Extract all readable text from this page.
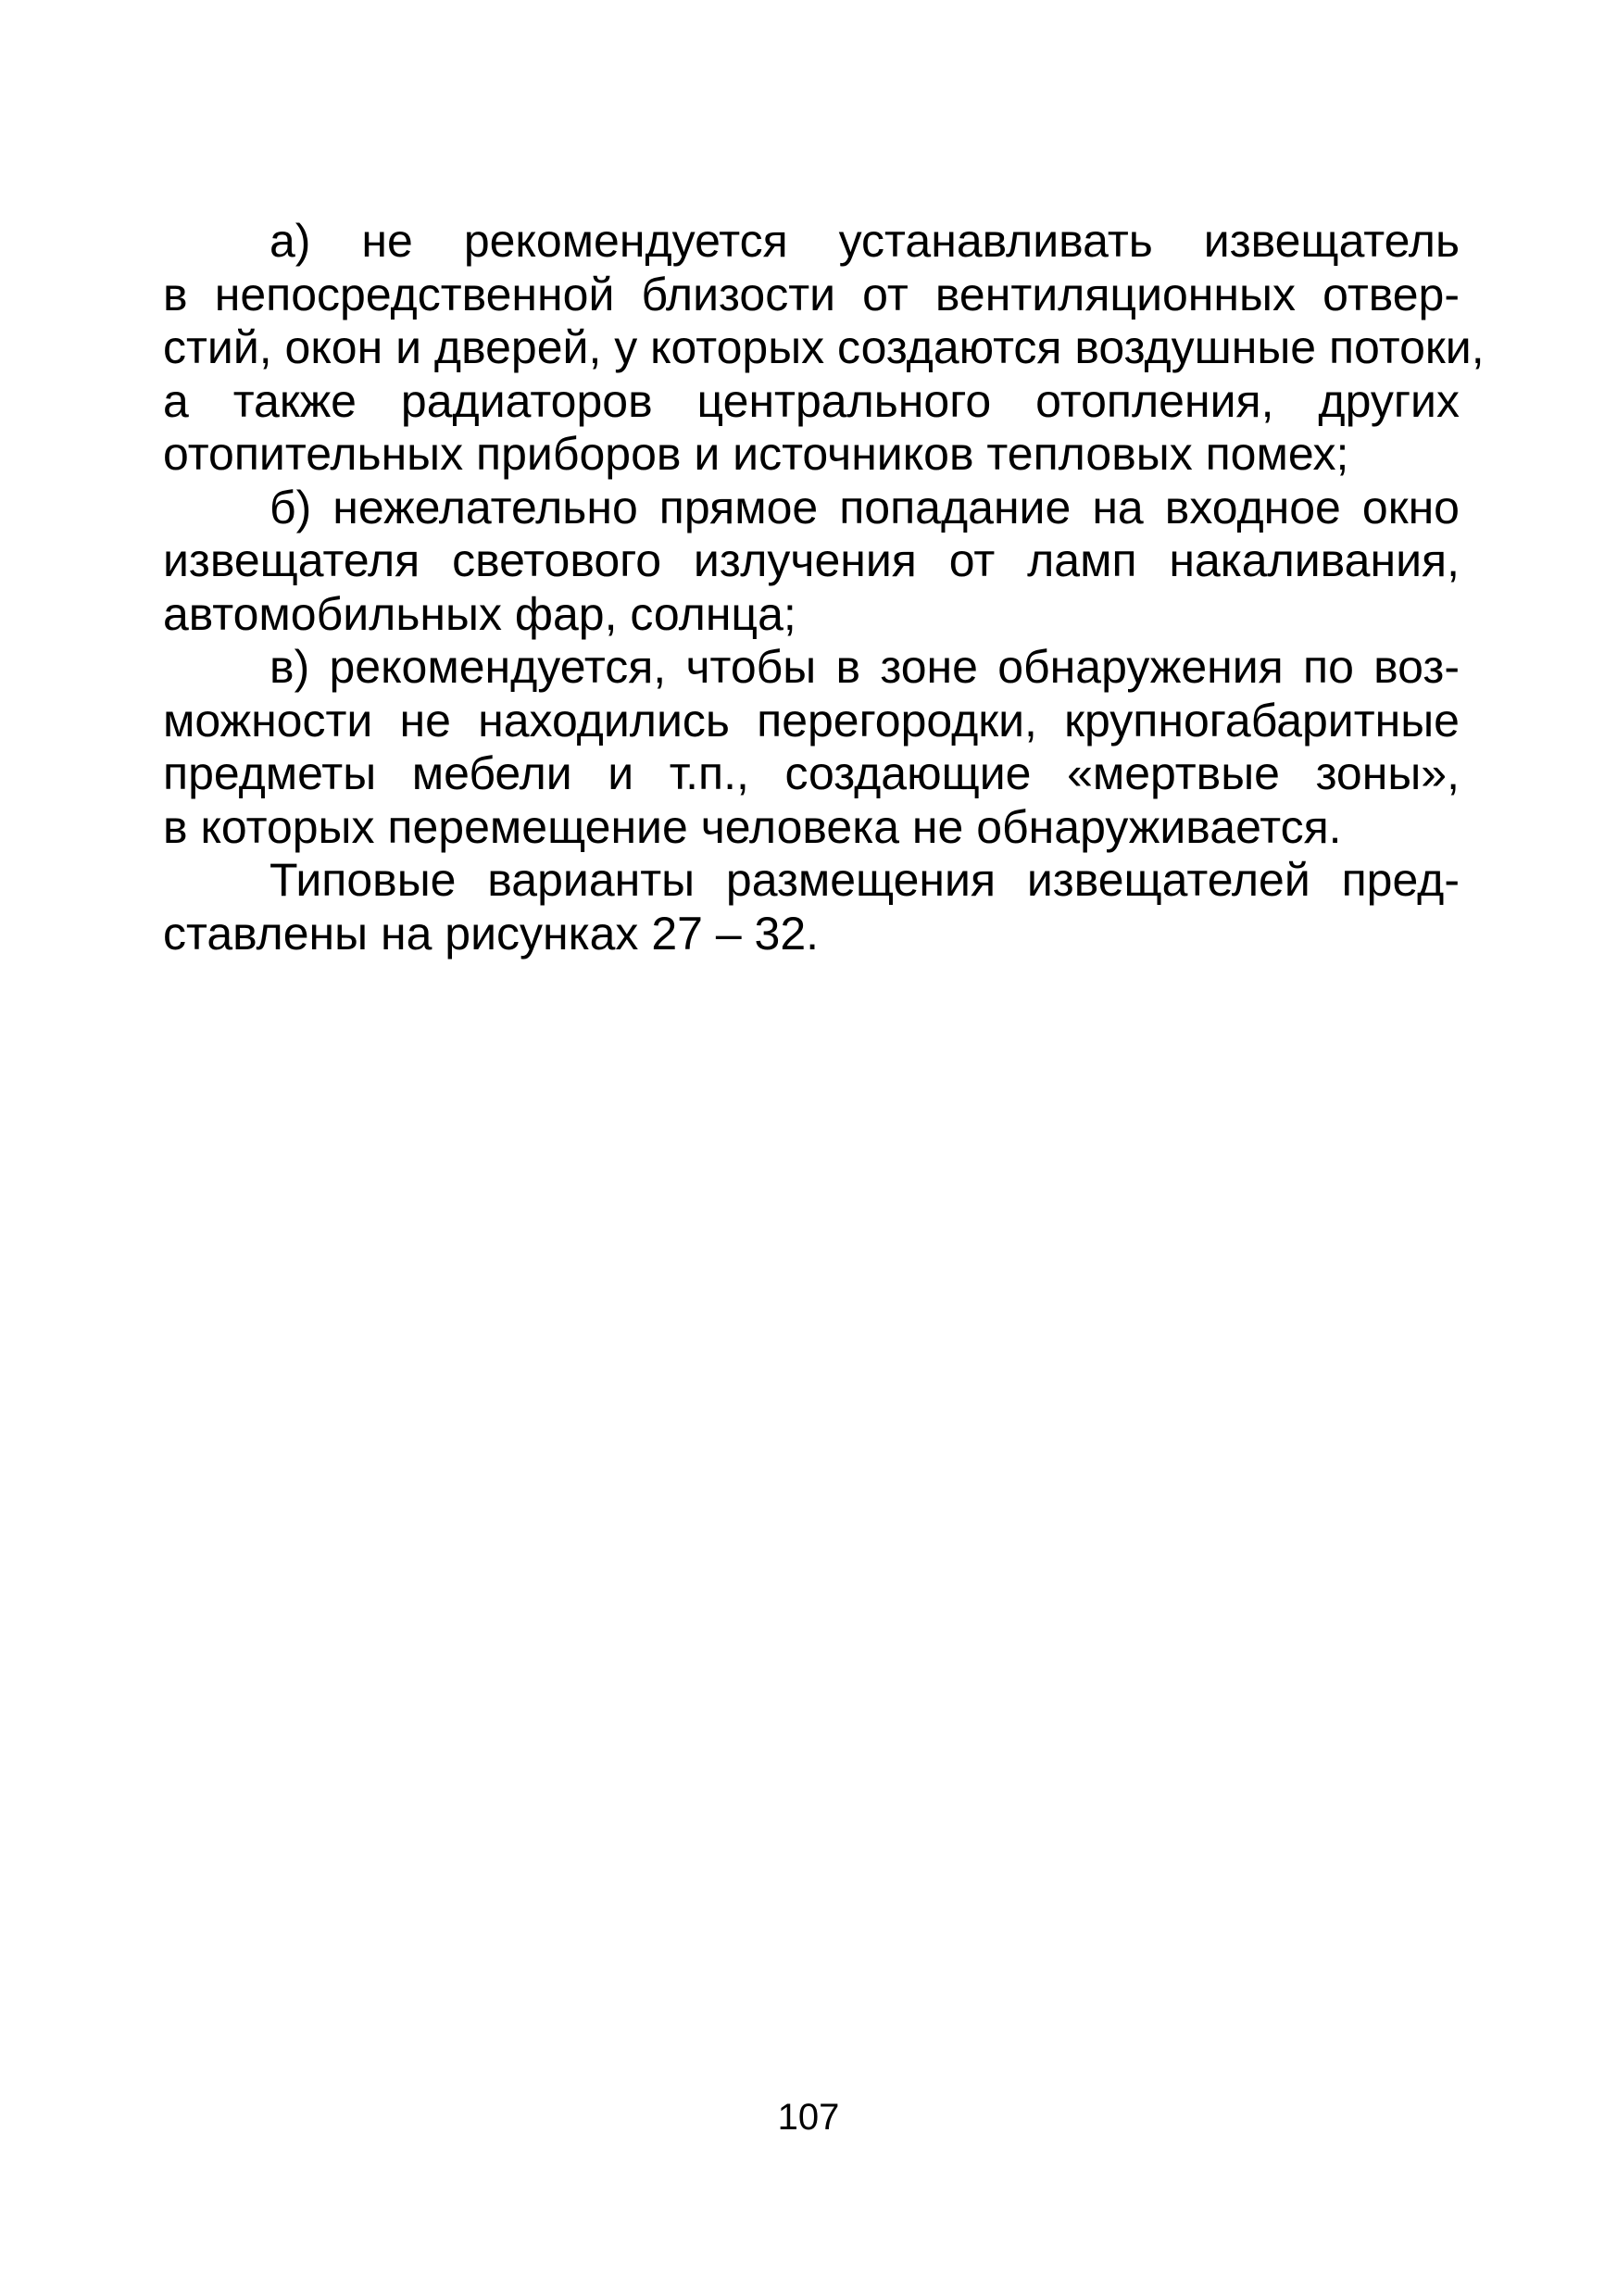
а) не рекомендуется устанавливать извещатель
в непосредственной близости от вентиляционных отвер-
стий, окон и дверей, у которых создаются воздушные потоки,
а также радиаторов центрального отопления, других
отопительных приборов и источников тепловых помех;
б) нежелательно прямое попадание на входное окно
извещателя светового излучения от ламп накаливания,
автомобильных фар, солнца;
в) рекомендуется, чтобы в зоне обнаружения по воз-
можности не находились перегородки, крупногабаритные
предметы мебели и т.п., создающие «мертвые зоны»,
в которых перемещение человека не обнаруживается.
Типовые варианты размещения извещателей пред-
ставлены на рисунках 27 – 32.
107
